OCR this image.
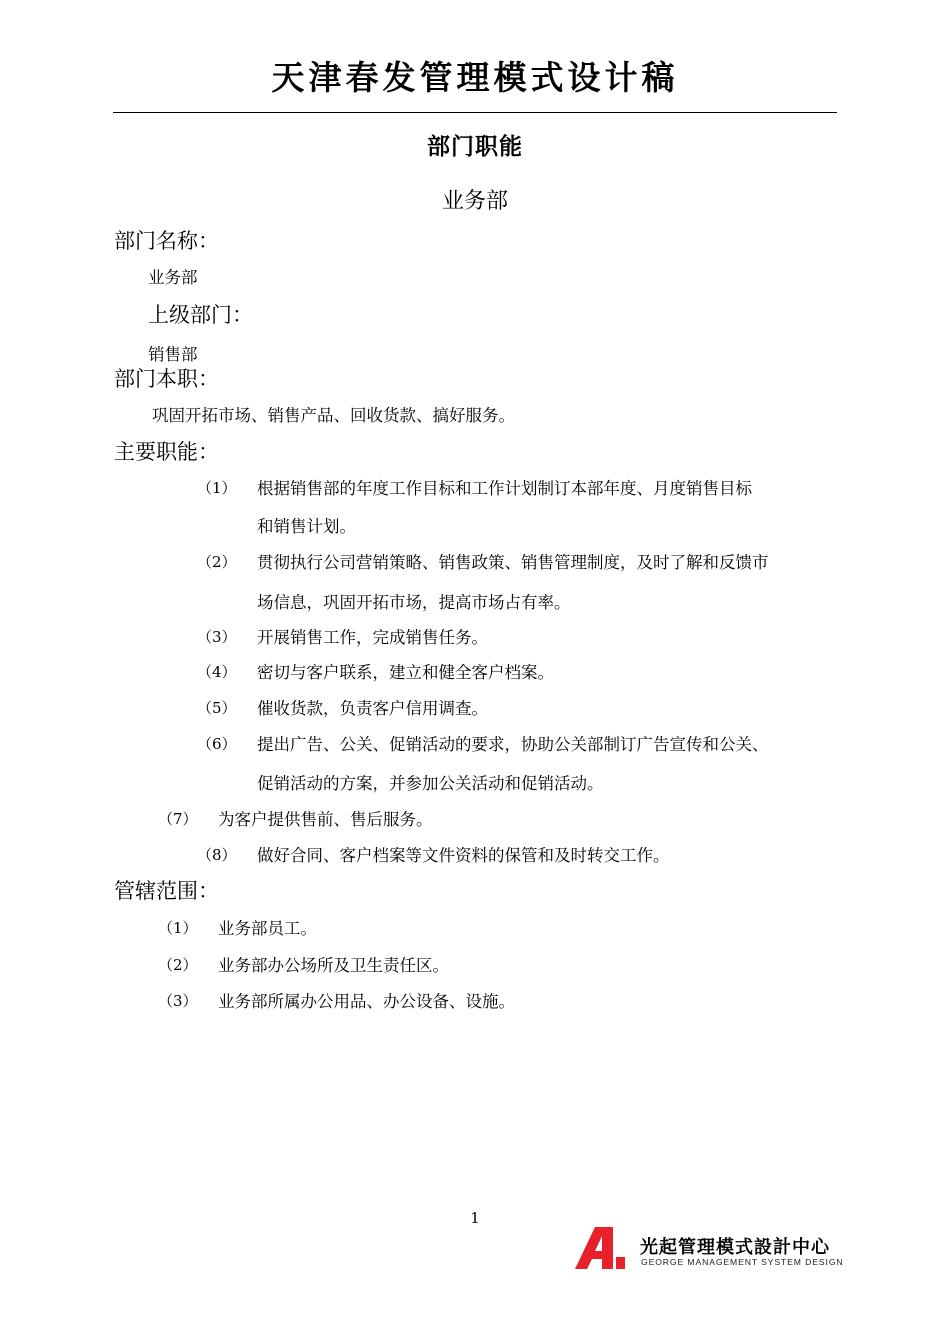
天津春发管理模式设计稿
部门职能
业务部
部门名称：
业务部
上级部门：
销售部
部门本职：
巩固开拓市场、销售产品、回收货款、搞好服务。
主要职能：
（1） 根据销售部的年度工作目标和工作计划制订本部年度、月度销售目标
和销售计划。
（2） 贯彻执行公司营销策略、销售政策、销售管理制度，及时了解和反馈市
场信息，巩固开拓市场，提高市场占有率。
（3） 开展销售工作，完成销售任务。
（4） 密切与客户联系，建立和健全客户档案。
（5） 催收货款，负责客户信用调查。
（6） 提出广告、公关、促销活动的要求，协助公关部制订广告宣传和公关、
促销活动的方案，并参加公关活动和促销活动。
（7） 为客户提供售前、售后服务。
（8） 做好合同、客户档案等文件资料的保管和及时转交工作。
管辖范围：
（1） 业务部员工。
（2） 业务部办公场所及卫生责任区。
（3） 业务部所属办公用品、办公设备、设施。
1
光起管理模式設計中心
GEORGE MANAGEMENT SYSTEM DESIGN
